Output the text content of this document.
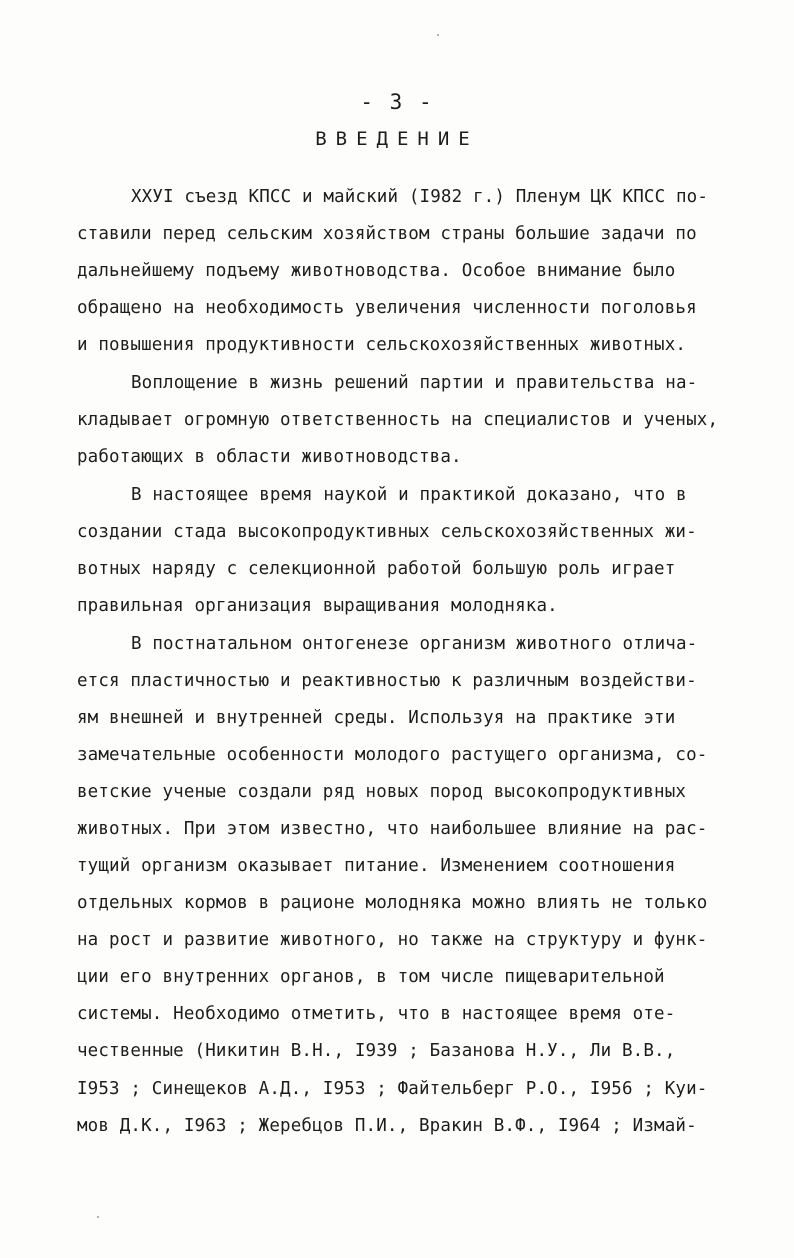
- 3 -
ВВЕДЕНИЕ
XXУI съезд КПСС и майский (I982 г.) Пленум ЦК КПСС по-
ставили перед сельским хозяйством страны большие задачи по
дальнейшему подъему животноводства. Особое внимание было
обращено на необходимость увеличения численности поголовья
и повышения продуктивности сельскохозяйственных животных.
Воплощение в жизнь решений партии и правительства на-
кладывает огромную ответственность на специалистов и ученых,
работающих в области животноводства.
В настоящее время наукой и практикой доказано, что в
создании стада высокопродуктивных сельскохозяйственных жи-
вотных наряду с селекционной работой большую роль играет
правильная организация выращивания молодняка.
В постнатальном онтогенезе организм животного отлича-
ется пластичностью и реактивностью к различным воздействи-
ям внешней и внутренней среды. Используя на практике эти
замечательные особенности молодого растущего организма, со-
ветские ученые создали ряд новых пород высокопродуктивных
животных. При этом известно, что наибольшее влияние на рас-
тущий организм оказывает питание. Изменением соотношения
отдельных кормов в рационе молодняка можно влиять не только
на рост и развитие животного, но также на структуру и функ-
ции его внутренних органов, в том числе пищеварительной
системы. Необходимо отметить, что в настоящее время оте-
чественные (Никитин В.Н., I939 ; Базанова Н.У., Ли В.В.,
I953 ; Синещеков А.Д., I953 ; Файтельберг Р.О., I956 ; Куи-
мов Д.К., I963 ; Жеребцов П.И., Вракин В.Ф., I964 ; Измай-
